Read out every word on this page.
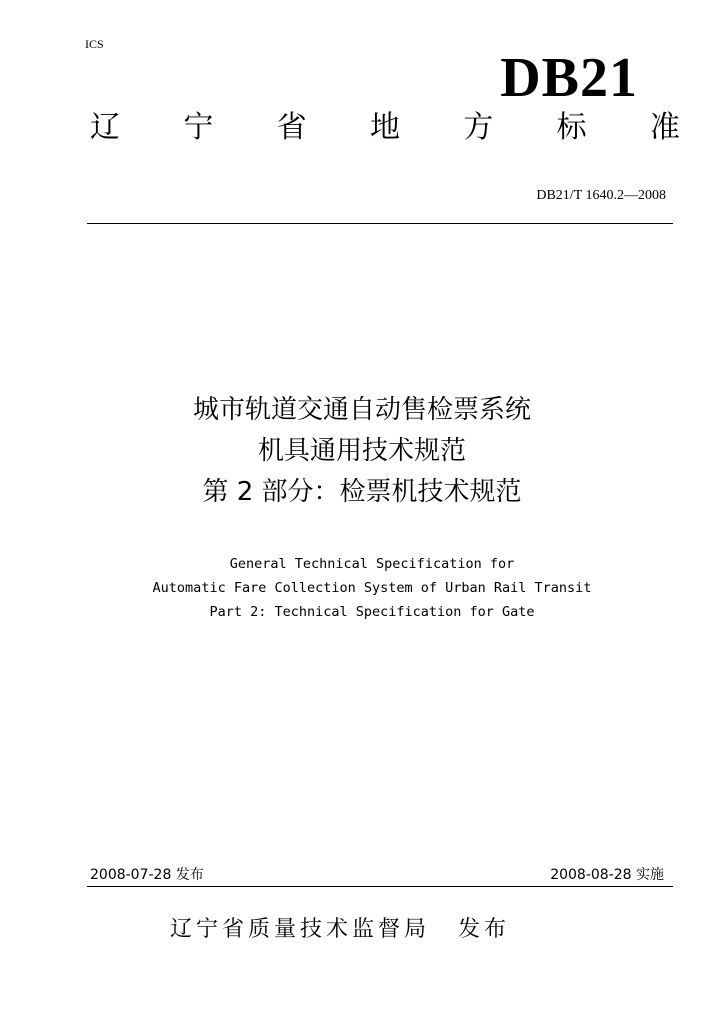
ICS
DB21
辽 宁 省 地 方 标 准
DB21/T 1640.2—2008
城市轨道交通自动售检票系统
机具通用技术规范
第 2 部分：检票机技术规范
General Technical Specification for
Automatic Fare Collection System of Urban Rail Transit
Part 2: Technical Specification for Gate
2008-07-28 发布	2008-08-28 实施
辽宁省质量技术监督局 发布
